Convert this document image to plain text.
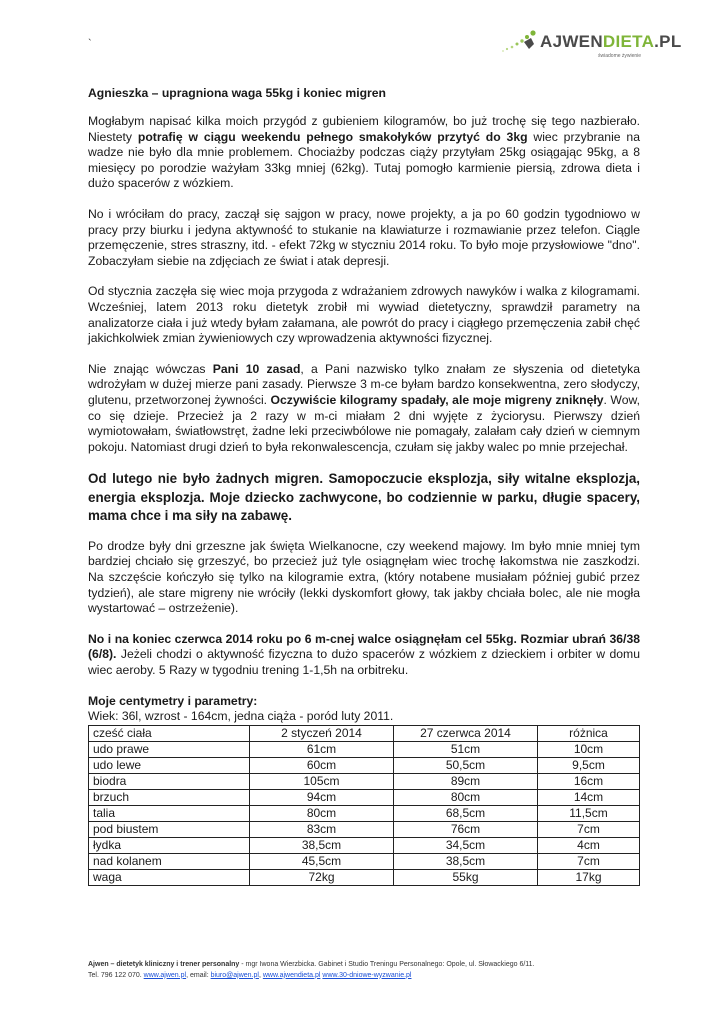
`	AJWENDIETA.PL
świadome żywienie
Agnieszka – upragniona waga 55kg i koniec migren

Mogłabym napisać kilka moich przygód z gubieniem kilogramów, bo już trochę się tego nazbierało. Niestety potrafię w ciągu weekendu pełnego smakołyków przytyć do 3kg wiec przybranie na wadze nie było dla mnie problemem. Chociażby podczas ciąży przytyłam 25kg osiągając 95kg, a 8 miesięcy po porodzie ważyłam 33kg mniej (62kg). Tutaj pomogło karmienie piersią, zdrowa dieta i dużo spacerów z wózkiem.

No i wróciłam do pracy, zaczął się sajgon w pracy, nowe projekty, a ja po 60 godzin tygodniowo w pracy przy biurku i jedyna aktywność to stukanie na klawiaturze i rozmawianie przez telefon. Ciągle przemęczenie, stres straszny, itd. - efekt 72kg w styczniu 2014 roku. To było moje przysłowiowe "dno". Zobaczyłam siebie na zdjęciach ze świat i atak depresji.

Od stycznia zaczęła się wiec moja przygoda z wdrażaniem zdrowych nawyków i walka z kilogramami. Wcześniej, latem 2013 roku dietetyk zrobił mi wywiad dietetyczny, sprawdził parametry na analizatorze ciała i już wtedy byłam załamana, ale powrót do pracy i ciągłego przemęczenia zabił chęć jakichkolwiek zmian żywieniowych czy wprowadzenia aktywności fizycznej.

Nie znając wówczas Pani 10 zasad, a Pani nazwisko tylko znałam ze słyszenia od dietetyka wdrożyłam w dużej mierze pani zasady. Pierwsze 3 m-ce byłam bardzo konsekwentna, zero słodyczy, glutenu, przetworzonej żywności. Oczywiście kilogramy spadały, ale moje migreny zniknęły. Wow, co się dzieje. Przecież ja 2 razy w m-ci miałam 2 dni wyjęte z życiorysu. Pierwszy dzień wymiotowałam, światłowstręt, żadne leki przeciwbólowe nie pomagały, zalałam cały dzień w ciemnym pokoju. Natomiast drugi dzień to była rekonwalescencja, czułam się jakby walec po mnie przejechał.

Od lutego nie było żadnych migren. Samopoczucie eksplozja, siły witalne eksplozja, energia eksplozja. Moje dziecko zachwycone, bo codziennie w parku, długie spacery, mama chce i ma siły na zabawę.

Po drodze były dni grzeszne jak święta Wielkanocne, czy weekend majowy. Im było mnie mniej tym bardziej chciało się grzeszyć, bo przecież już tyle osiągnęłam wiec trochę łakomstwa nie zaszkodzi. Na szczęście kończyło się tylko na kilogramie extra, (który notabene musiałam później gubić przez tydzień), ale stare migreny nie wróciły (lekki dyskomfort głowy, tak jakby chciała bolec, ale nie mogła wystartować – ostrzeżenie).

No i na koniec czerwca 2014 roku po 6 m-cnej walce osiągnęłam cel 55kg. Rozmiar ubrań 36/38 (6/8). Jeżeli chodzi o aktywność fizyczna to dużo spacerów z wózkiem z dzieckiem i orbiter w domu wiec aeroby. 5 Razy w tygodniu trening 1-1,5h na orbitreku.

Moje centymetry i parametry:
Wiek: 36l, wzrost - 164cm, jedna ciąża - poród luty 2011.
cześć ciała	2 styczeń 2014	27 czerwca 2014	różnica
udo prawe	61cm	51cm	10cm
udo lewe	60cm	50,5cm	9,5cm
biodra	105cm	89cm	16cm
brzuch	94cm	80cm	14cm
talia	80cm	68,5cm	11,5cm
pod biustem	83cm	76cm	7cm
łydka	38,5cm	34,5cm	4cm
nad kolanem	45,5cm	38,5cm	7cm
waga	72kg	55kg	17kg
Ajwen – dietetyk kliniczny i trener personalny - mgr Iwona Wierzbicka. Gabinet i Studio Treningu Personalnego: Opole, ul. Słowackiego 6/11.
Tel. 796 122 070. www.ajwen.pl, email: biuro@ajwen.pl, www.ajwendieta.pl www.30-dniowe-wyzwanie.pl
